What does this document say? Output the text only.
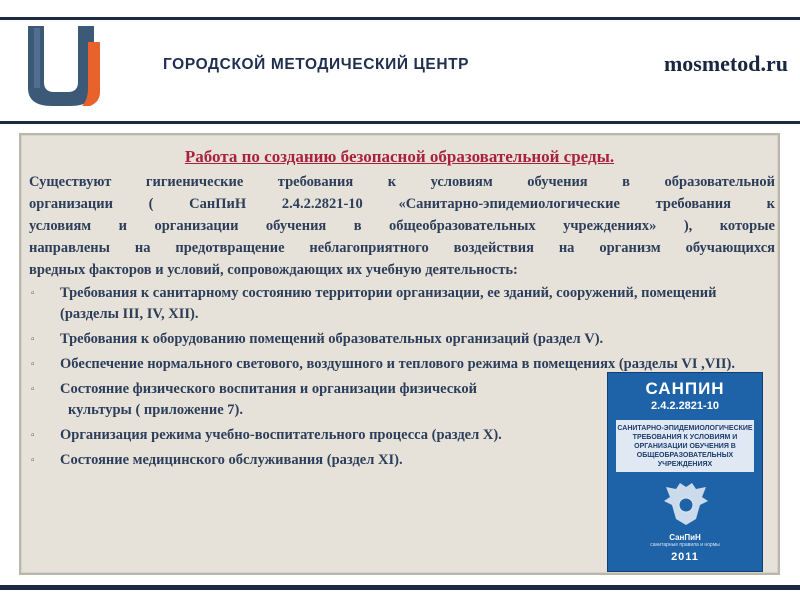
μ	ГОРОДСКОЙ МЕТОДИЧЕСКИЙ ЦЕНТР	mosmetod.ru
Работа по созданию безопасной образовательной среды.

Существуют гигиенические требования к условиям обучения в образовательной
организации ( СанПиН 2.4.2.2821-10 «Санитарно-эпидемиологические требования к
условиям и организации обучения в общеобразовательных учреждениях» ), которые
направлены на предотвращение неблагоприятного воздействия на организм обучающихся
вредных факторов и условий, сопровождающих их учебную деятельность:

▫ Требования к санитарному состоянию территории организации, ее зданий, сооружений, помещений (разделы III, IV, XII).
▫ Требования к оборудованию помещений образовательных организаций (раздел V).
▫ Обеспечение нормального светового, воздушного и теплового режима в помещениях (разделы VI ,VII).
▫ Состояние физического воспитания и организации физической
культуры ( приложение 7).
▫ Организация режима учебно-воспитательного процесса (раздел X).
▫ Состояние медицинского обслуживания (раздел XI).
САНПИН
2.4.2.2821-10
САНИТАРНО-ЭПИДЕМИОЛОГИЧЕСКИЕ ТРЕБОВАНИЯ К УСЛОВИЯМ И ОРГАНИЗАЦИИ ОБУЧЕНИЯ В ОБЩЕОБРАЗОВАТЕЛЬНЫХ УЧРЕЖДЕНИЯХ
СанПиН
санитарные правила и нормы
2011
